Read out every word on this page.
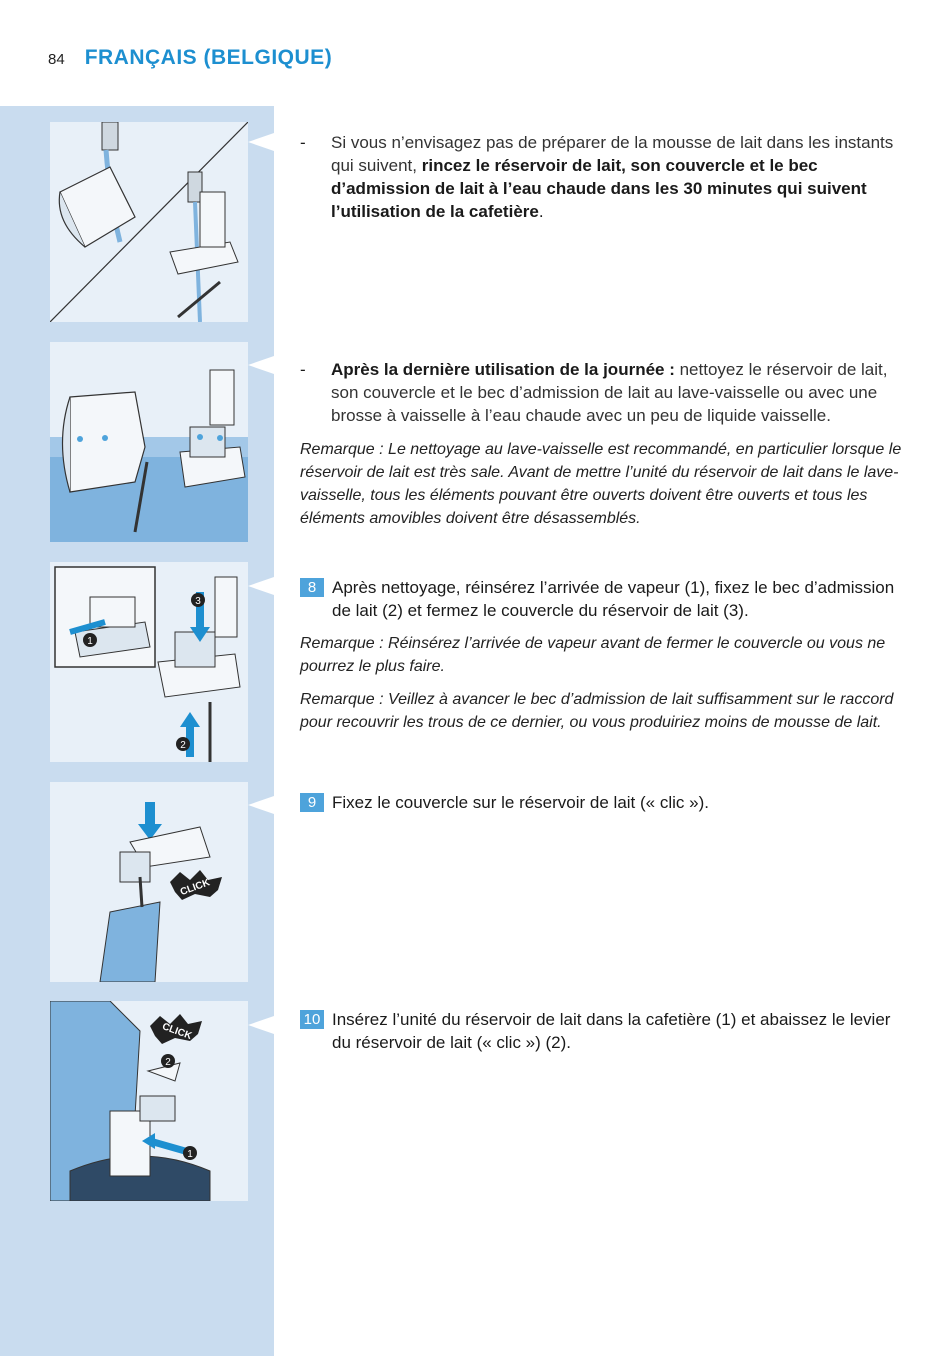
84 FRANÇAIS (BELGIQUE)
1
3
2
CLICK
1
2
CLICK
-	Si vous n’envisagez pas de préparer de la mousse de lait dans les instants qui suivent, rincez le réservoir de lait, son couvercle et le bec d’admission de lait à l’eau chaude dans les 30 minutes qui suivent l’utilisation de la cafetière.
-	Après la dernière utilisation de la journée : nettoyez le réservoir de lait, son couvercle et le bec d’admission de lait au lave-vaisselle ou avec une brosse à vaisselle à l’eau chaude avec un peu de liquide vaisselle.
Remarque : Le nettoyage au lave-vaisselle est recommandé, en particulier lorsque le réservoir de lait est très sale. Avant de mettre l’unité du réservoir de lait dans le lave-vaisselle, tous les éléments pouvant être ouverts doivent être ouverts et tous les éléments amovibles doivent être désassemblés.
8 Après nettoyage, réinsérez l’arrivée de vapeur (1), fixez le bec d’admission de lait (2) et fermez le couvercle du réservoir de lait (3).
Remarque : Réinsérez l’arrivée de vapeur avant de fermer le couvercle ou vous ne pourrez le plus faire.
Remarque : Veillez à avancer le bec d’admission de lait suffisamment sur le raccord pour recouvrir les trous de ce dernier, ou vous produiriez moins de mousse de lait.
9 Fixez le couvercle sur le réservoir de lait (« clic »).
10 Insérez l’unité du réservoir de lait dans la cafetière (1) et abaissez le levier du réservoir de lait (« clic ») (2).
